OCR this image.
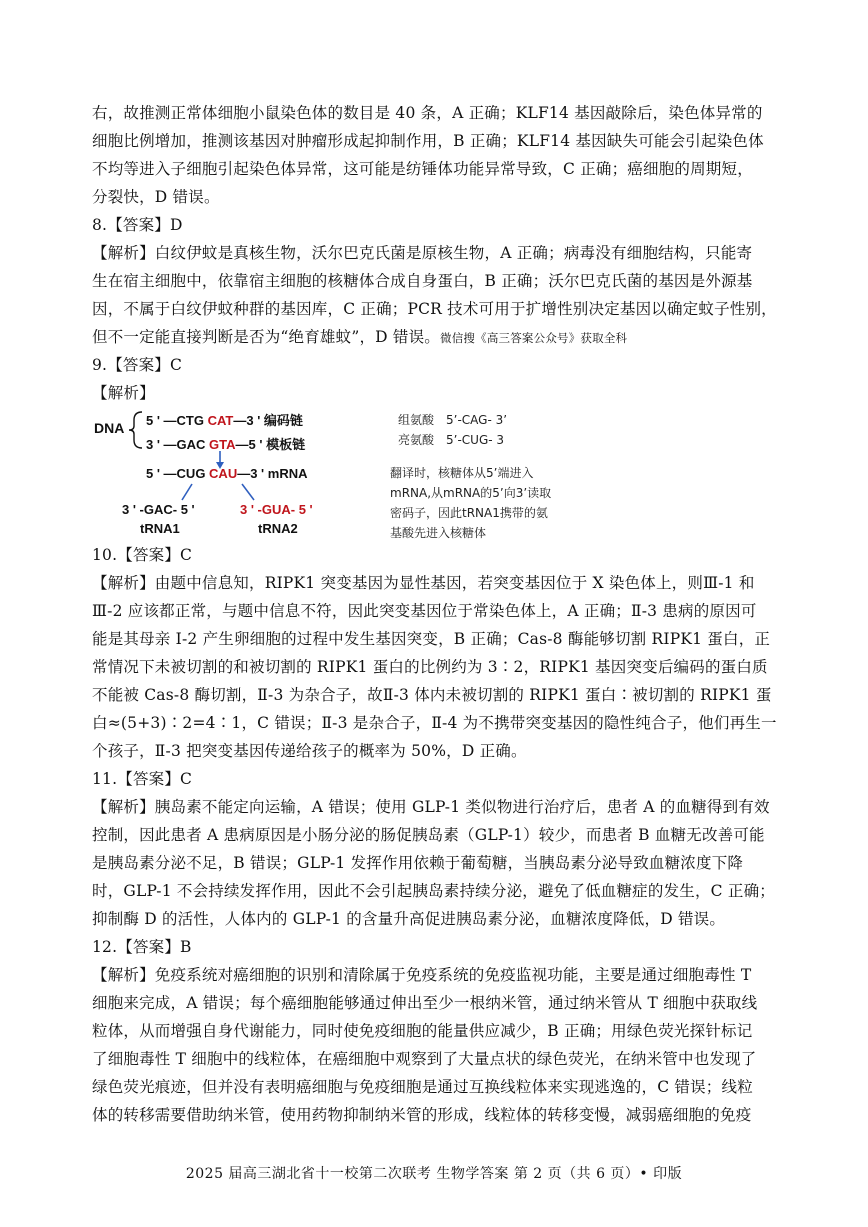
右，故推测正常体细胞小鼠染色体的数目是 40 条，A 正确；KLF14 基因敲除后，染色体异常的
细胞比例增加，推测该基因对肿瘤形成起抑制作用，B 正确；KLF14 基因缺失可能会引起染色体
不均等进入子细胞引起染色体异常，这可能是纺锤体功能异常导致，C 正确；癌细胞的周期短，
分裂快，D 错误。
8.【答案】D
【解析】白纹伊蚊是真核生物，沃尔巴克氏菌是原核生物，A 正确；病毒没有细胞结构，只能寄
生在宿主细胞中，依靠宿主细胞的核糖体合成自身蛋白，B 正确；沃尔巴克氏菌的基因是外源基
因，不属于白纹伊蚊种群的基因库，C 正确；PCR 技术可用于扩增性别决定基因以确定蚊子性别，
但不一定能直接判断是否为“绝育雄蚊”，D 错误。微信搜《高三答案公众号》获取全科
9.【答案】C
【解析】
DNA 5 ' —CTG CAT—3 ' 编码链
3 ' —GAC GTA—5 ' 模板链
5 ' —CUG CAU—3 ' mRNA
3 ' -GAC- 5 '	3 ' -GUA- 5 '
tRNA1	tRNA2
组氨酸　5’-CAG- 3’
亮氨酸　5’-CUG- 3
翻译时，核糖体从5’端进入
mRNA,从mRNA的5’向3’读取
密码子，因此tRNA1携带的氨
基酸先进入核糖体
10.【答案】C
【解析】由题中信息知，RIPK1 突变基因为显性基因，若突变基因位于 X 染色体上，则Ⅲ-1 和
Ⅲ-2 应该都正常，与题中信息不符，因此突变基因位于常染色体上，A 正确；Ⅱ-3 患病的原因可
能是其母亲 I-2 产生卵细胞的过程中发生基因突变，B 正确；Cas-8 酶能够切割 RIPK1 蛋白，正
常情况下未被切割的和被切割的 RIPK1 蛋白的比例约为 3∶2，RIPK1 基因突变后编码的蛋白质
不能被 Cas-8 酶切割，Ⅱ-3 为杂合子，故Ⅱ-3 体内未被切割的 RIPK1 蛋白∶被切割的 RIPK1 蛋
白≈(5+3)∶2=4∶1，C 错误；Ⅱ-3 是杂合子，Ⅱ-4 为不携带突变基因的隐性纯合子，他们再生一
个孩子，Ⅱ-3 把突变基因传递给孩子的概率为 50%，D 正确。
11.【答案】C
【解析】胰岛素不能定向运输，A 错误；使用 GLP-1 类似物进行治疗后，患者 A 的血糖得到有效
控制，因此患者 A 患病原因是小肠分泌的肠促胰岛素（GLP-1）较少，而患者 B 血糖无改善可能
是胰岛素分泌不足，B 错误；GLP-1 发挥作用依赖于葡萄糖，当胰岛素分泌导致血糖浓度下降
时，GLP-1 不会持续发挥作用，因此不会引起胰岛素持续分泌，避免了低血糖症的发生，C 正确；
抑制酶 D 的活性，人体内的 GLP-1 的含量升高促进胰岛素分泌，血糖浓度降低，D 错误。
12.【答案】B
【解析】免疫系统对癌细胞的识别和清除属于免疫系统的免疫监视功能，主要是通过细胞毒性 T
细胞来完成，A 错误；每个癌细胞能够通过伸出至少一根纳米管，通过纳米管从 T 细胞中获取线
粒体，从而增强自身代谢能力，同时使免疫细胞的能量供应减少，B 正确；用绿色荧光探针标记
了细胞毒性 T 细胞中的线粒体，在癌细胞中观察到了大量点状的绿色荧光，在纳米管中也发现了
绿色荧光痕迹，但并没有表明癌细胞与免疫细胞是通过互换线粒体来实现逃逸的，C 错误；线粒
体的转移需要借助纳米管，使用药物抑制纳米管的形成，线粒体的转移变慢，减弱癌细胞的免疫
2025 届高三湖北省十一校第二次联考 生物学答案 第 2 页（共 6 页）• 印版
